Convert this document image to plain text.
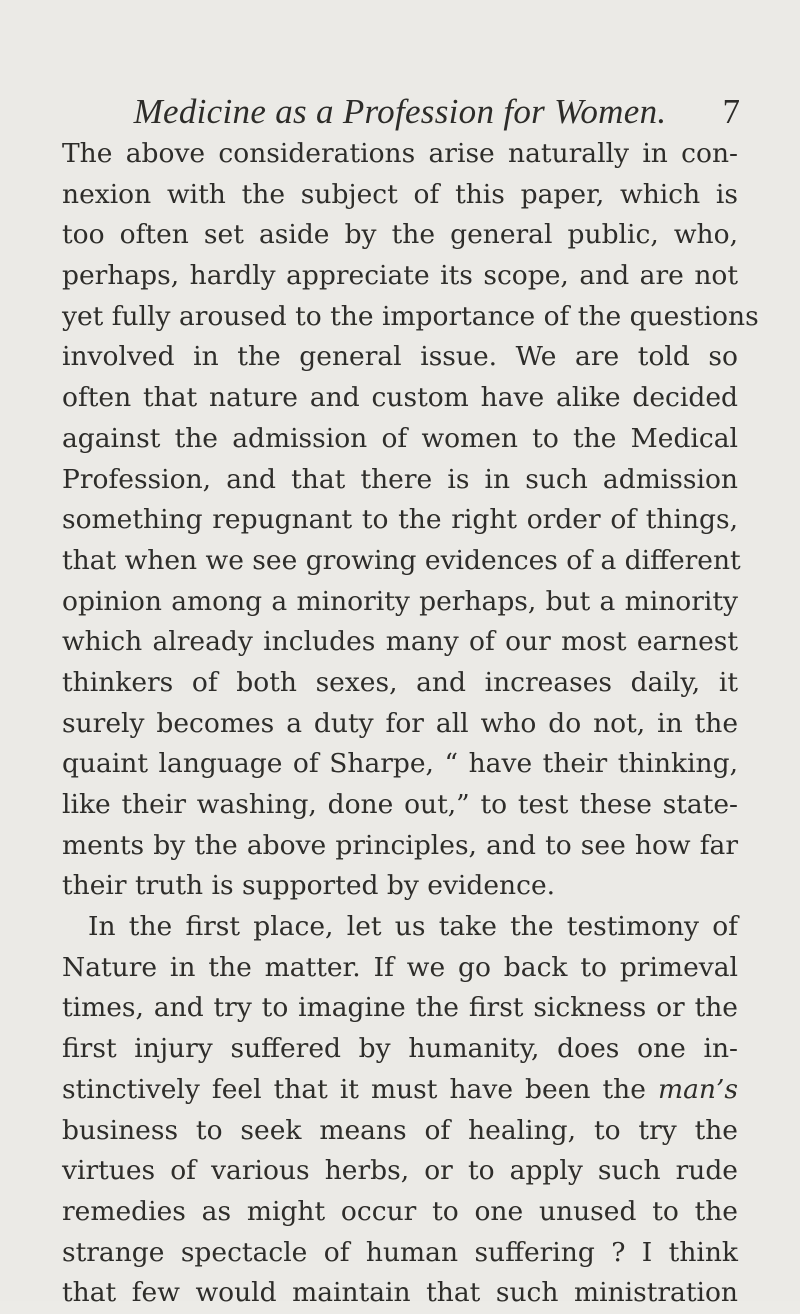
Medicine as a Profession for Women.	7
The above considerations arise naturally in con-
nexion with the subject of this paper, which is
too often set aside by the general public, who,
perhaps, hardly appreciate its scope, and are not
yet fully aroused to the importance of the questions
involved in the general issue. We are told so
often that nature and custom have alike decided
against the admission of women to the Medical
Profession, and that there is in such admission
something repugnant to the right order of things,
that when we see growing evidences of a different
opinion among a minority perhaps, but a minority
which already includes many of our most earnest
thinkers of both sexes, and increases daily, it
surely becomes a duty for all who do not, in the
quaint language of Sharpe, “ have their thinking,
like their washing, done out,” to test these state-
ments by the above principles, and to see how far
their truth is supported by evidence.
In the first place, let us take the testimony of
Nature in the matter. If we go back to primeval
times, and try to imagine the first sickness or the
first injury suffered by humanity, does one in-
stinctively feel that it must have been the man’s
business to seek means of healing, to try the
virtues of various herbs, or to apply such rude
remedies as might occur to one unused to the
strange spectacle of human suffering ? I think
that few would maintain that such ministration
